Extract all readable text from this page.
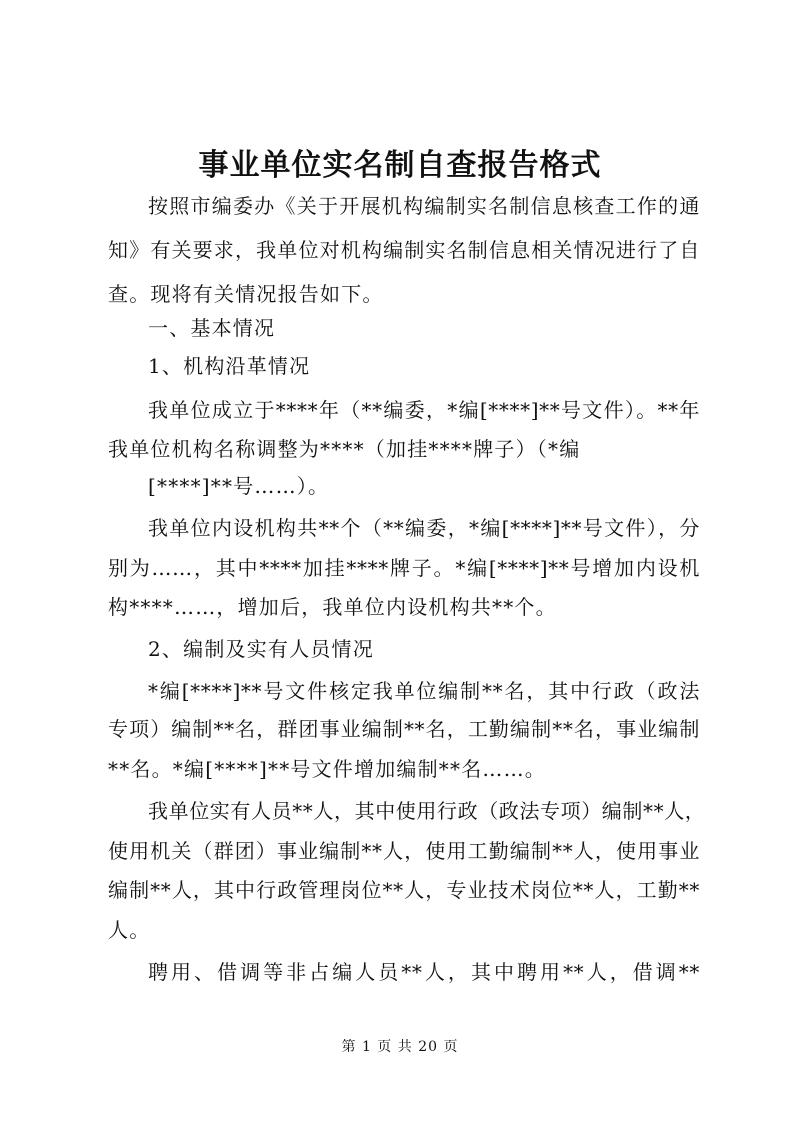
事业单位实名制自查报告格式
按照市编委办《关于开展机构编制实名制信息核查工作的通
知》有关要求，我单位对机构编制实名制信息相关情况进行了自
查。现将有关情况报告如下。
一、基本情况
1、机构沿革情况
我单位成立于****年（**编委，*编[****]**号文件）。**年
我单位机构名称调整为****（加挂****牌子）（*编
[****]**号……）。
我单位内设机构共**个（**编委，*编[****]**号文件），分
别为……，其中****加挂****牌子。*编[****]**号增加内设机
构****……，增加后，我单位内设机构共**个。
2、编制及实有人员情况
*编[****]**号文件核定我单位编制**名，其中行政（政法
专项）编制**名，群团事业编制**名，工勤编制**名，事业编制
**名。*编[****]**号文件增加编制**名……。
我单位实有人员**人，其中使用行政（政法专项）编制**人，
使用机关（群团）事业编制**人，使用工勤编制**人，使用事业
编制**人，其中行政管理岗位**人，专业技术岗位**人，工勤**
人。
聘用、借调等非占编人员**人，其中聘用**人，借调**
第 1 页 共 20 页
